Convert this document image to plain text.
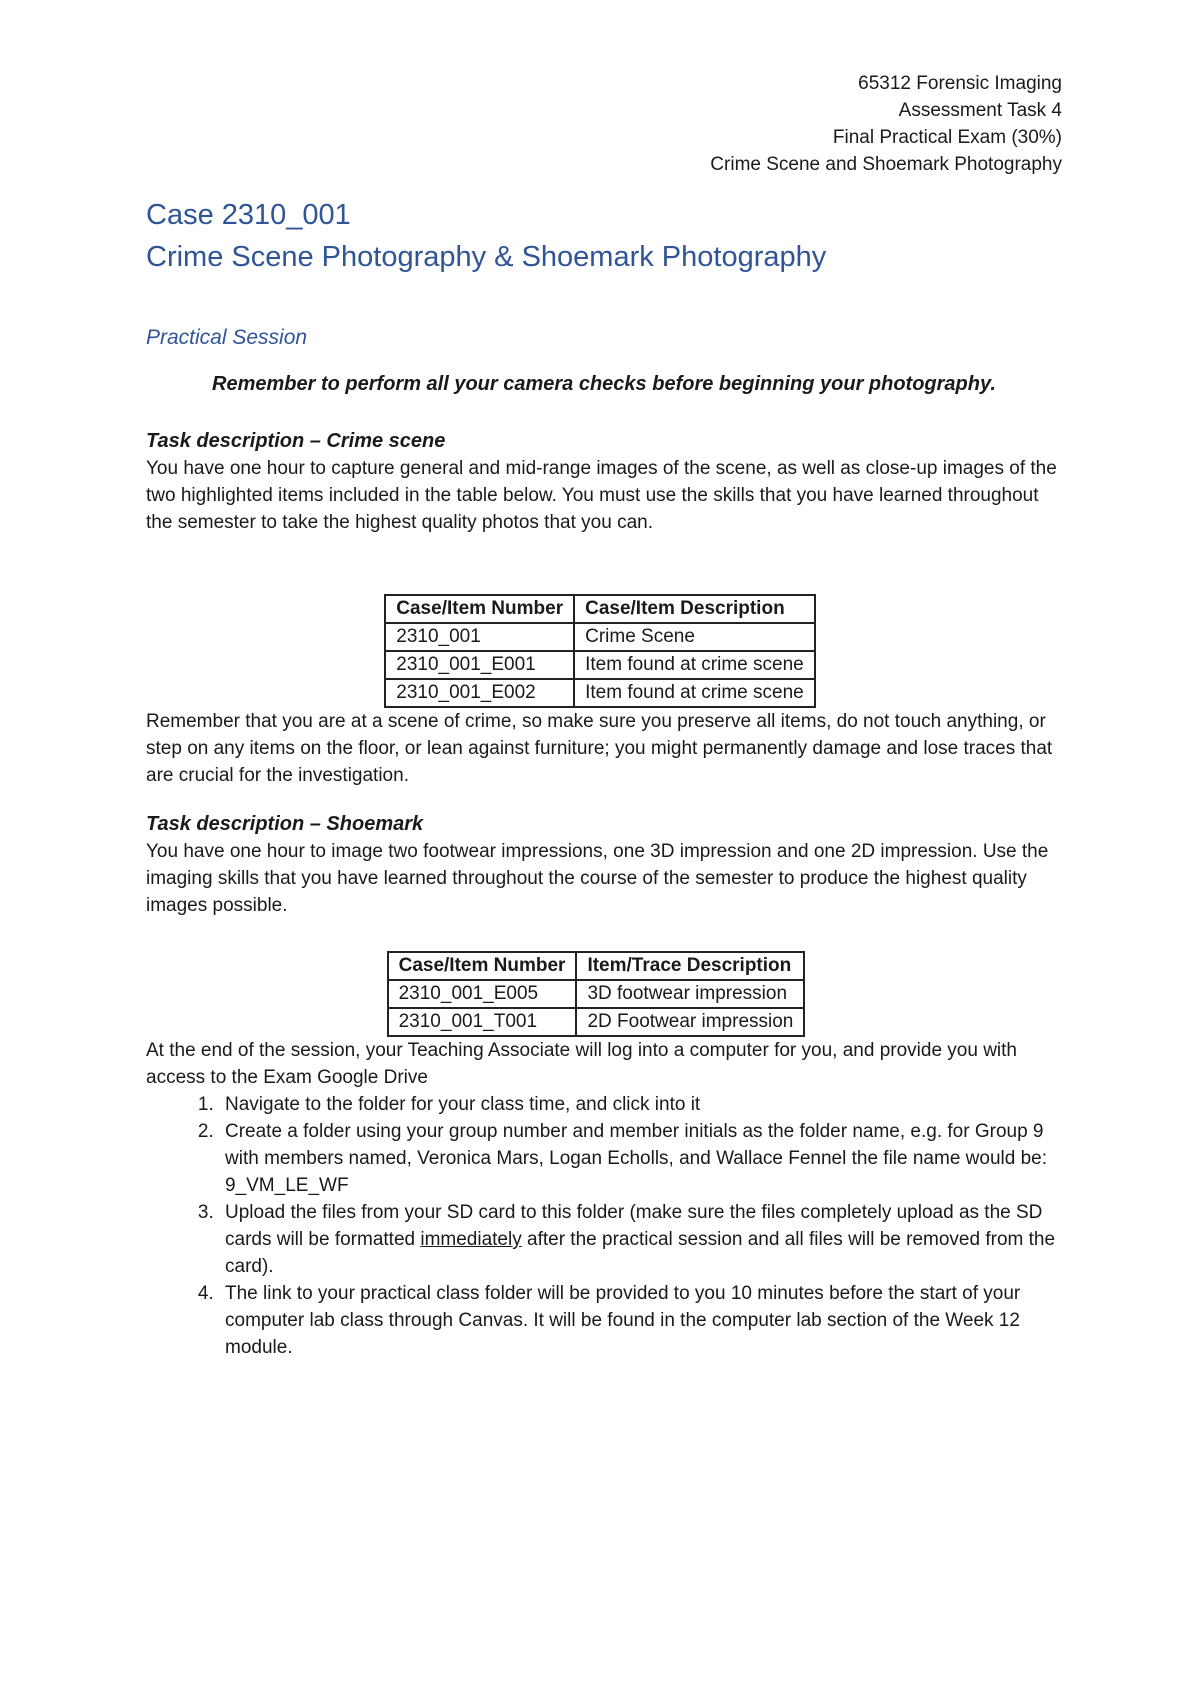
65312 Forensic Imaging
Assessment Task 4
Final Practical Exam (30%)
Crime Scene and Shoemark Photography
Case 2310_001
Crime Scene Photography & Shoemark Photography
Practical Session
Remember to perform all your camera checks before beginning your photography.
Task description – Crime scene

You have one hour to capture general and mid-range images of the scene, as well as close-up images of the two highlighted items included in the table below. You must use the skills that you have learned throughout the semester to take the highest quality photos that you can.

Case/Item Number	Case/Item Description
2310_001	Crime Scene
2310_001_E001	Item found at crime scene
2310_001_E002	Item found at crime scene

Remember that you are at a scene of crime, so make sure you preserve all items, do not touch anything, or step on any items on the floor, or lean against furniture; you might permanently damage and lose traces that are crucial for the investigation.

Task description – Shoemark

You have one hour to image two footwear impressions, one 3D impression and one 2D impression. Use the imaging skills that you have learned throughout the course of the semester to produce the highest quality images possible.

Case/Item Number	Item/Trace Description
2310_001_E005	3D footwear impression
2310_001_T001	2D Footwear impression

At the end of the session, your Teaching Associate will log into a computer for you, and provide you with access to the Exam Google Drive

1. Navigate to the folder for your class time, and click into it
2. Create a folder using your group number and member initials as the folder name, e.g. for Group 9 with members named, Veronica Mars, Logan Echolls, and Wallace Fennel the file name would be: 9_VM_LE_WF
3. Upload the files from your SD card to this folder (make sure the files completely upload as the SD cards will be formatted immediately after the practical session and all files will be removed from the card).
4. The link to your practical class folder will be provided to you 10 minutes before the start of your computer lab class through Canvas. It will be found in the computer lab section of the Week 12 module.
